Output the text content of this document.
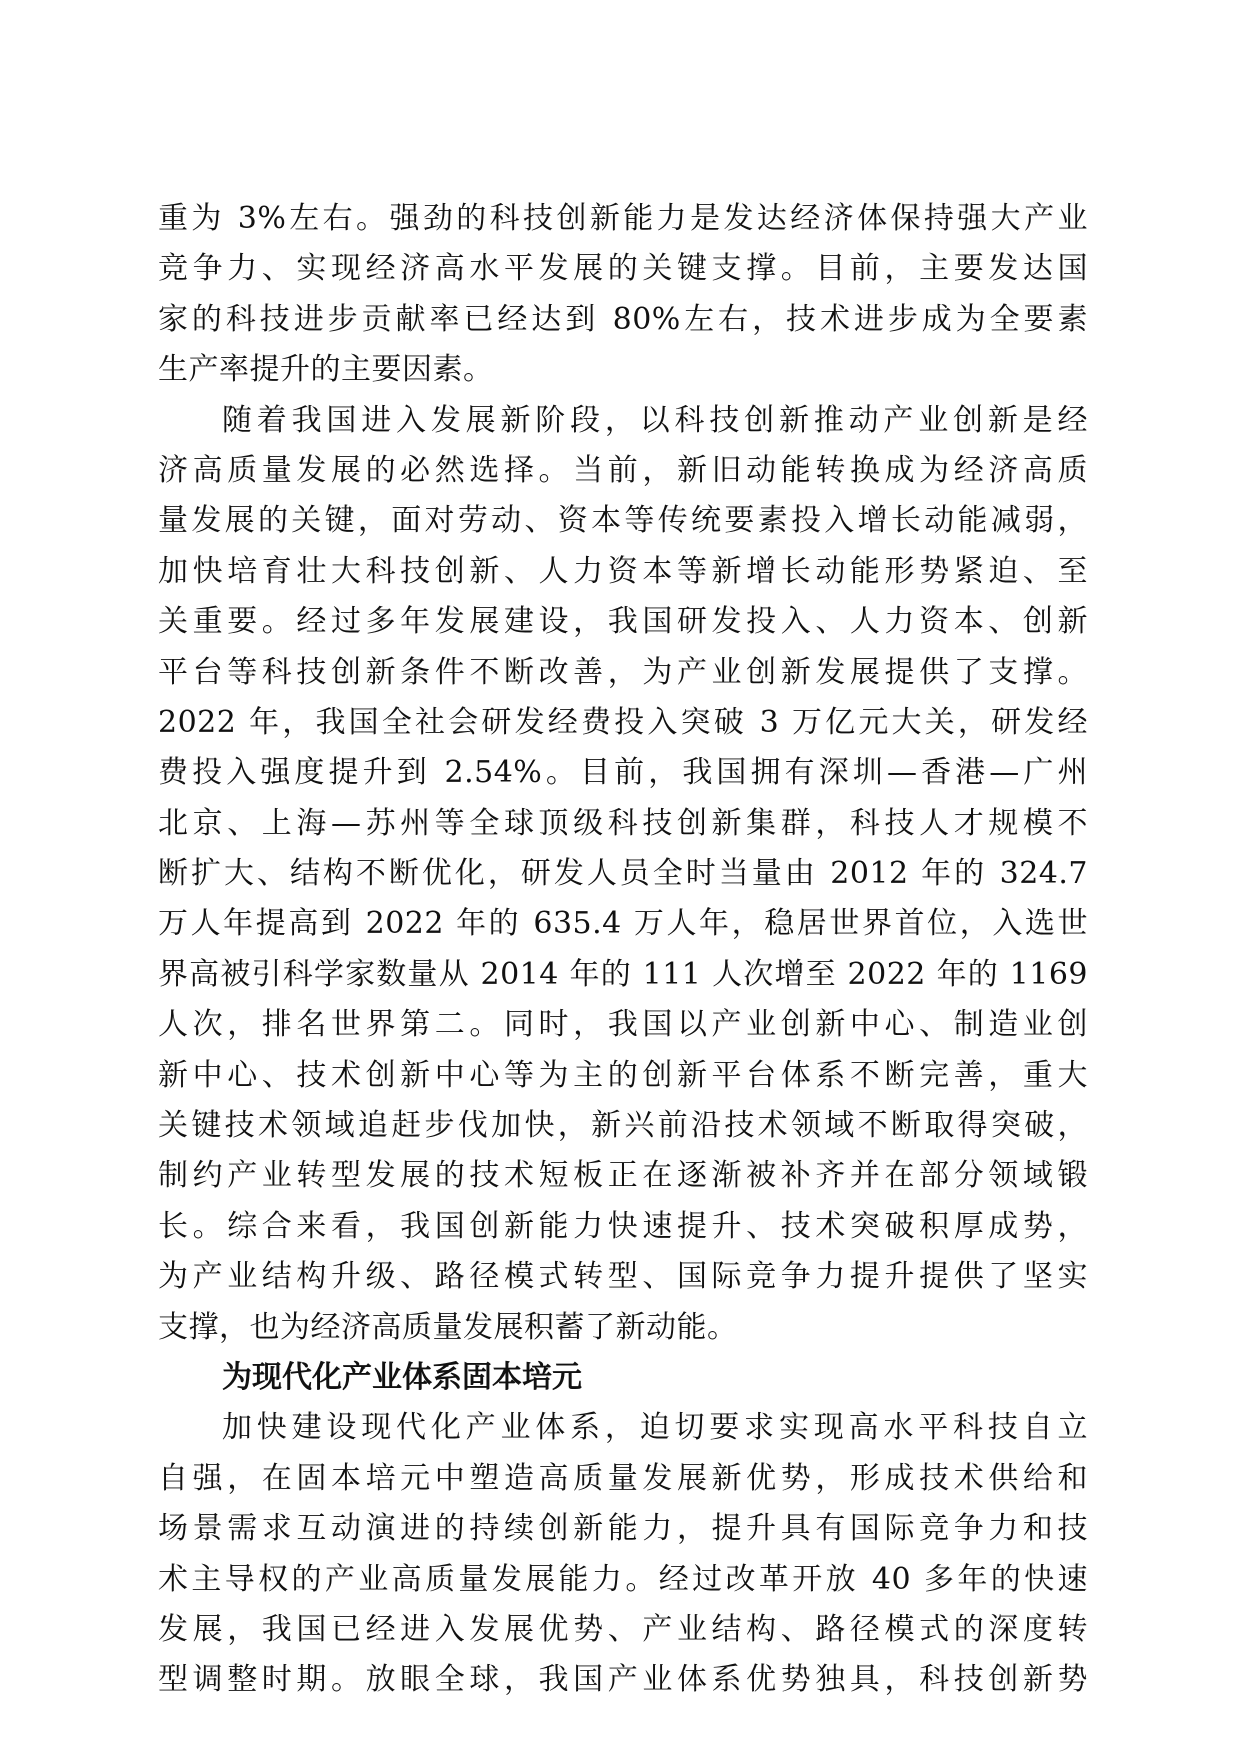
重为 3%左右。强劲的科技创新能力是发达经济体保持强大产业
竞争力、实现经济高水平发展的关键支撑。目前，主要发达国
家的科技进步贡献率已经达到 80%左右，技术进步成为全要素
生产率提升的主要因素。
随着我国进入发展新阶段，以科技创新推动产业创新是经
济高质量发展的必然选择。当前，新旧动能转换成为经济高质
量发展的关键，面对劳动、资本等传统要素投入增长动能减弱，
加快培育壮大科技创新、人力资本等新增长动能形势紧迫、至
关重要。经过多年发展建设，我国研发投入、人力资本、创新
平台等科技创新条件不断改善，为产业创新发展提供了支撑。
2022 年，我国全社会研发经费投入突破 3 万亿元大关，研发经
费投入强度提升到 2.54%。目前，我国拥有深圳—香港—广州
北京、上海—苏州等全球顶级科技创新集群，科技人才规模不
断扩大、结构不断优化，研发人员全时当量由 2012 年的 324.7
万人年提高到 2022 年的 635.4 万人年，稳居世界首位，入选世
界高被引科学家数量从 2014 年的 111 人次增至 2022 年的 1169
人次，排名世界第二。同时，我国以产业创新中心、制造业创
新中心、技术创新中心等为主的创新平台体系不断完善，重大
关键技术领域追赶步伐加快，新兴前沿技术领域不断取得突破，
制约产业转型发展的技术短板正在逐渐被补齐并在部分领域锻
长。综合来看，我国创新能力快速提升、技术突破积厚成势，
为产业结构升级、路径模式转型、国际竞争力提升提供了坚实
支撑，也为经济高质量发展积蓄了新动能。
为现代化产业体系固本培元
加快建设现代化产业体系，迫切要求实现高水平科技自立
自强，在固本培元中塑造高质量发展新优势，形成技术供给和
场景需求互动演进的持续创新能力，提升具有国际竞争力和技
术主导权的产业高质量发展能力。经过改革开放 40 多年的快速
发展，我国已经进入发展优势、产业结构、路径模式的深度转
型调整时期。放眼全球，我国产业体系优势独具，科技创新势
